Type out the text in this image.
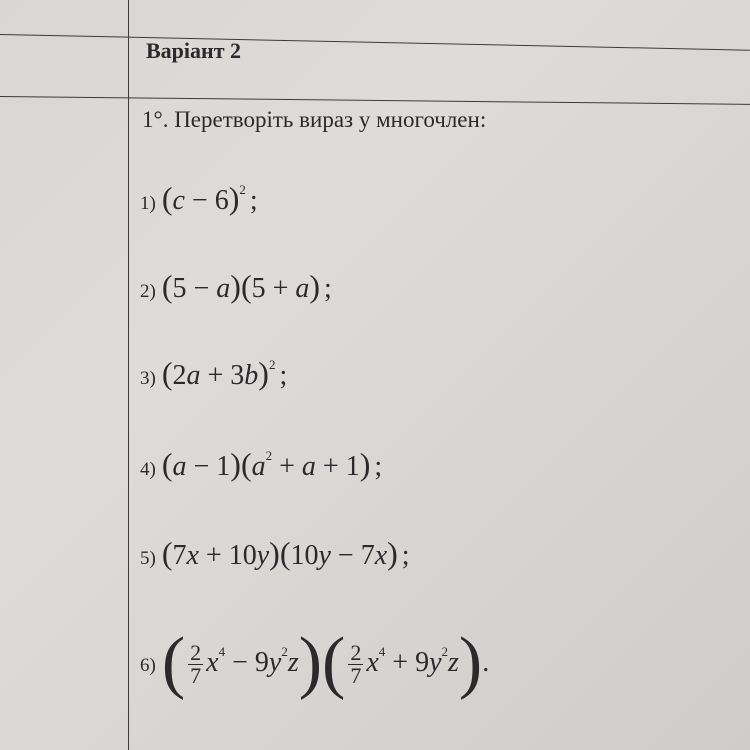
Варіант 2
1°. Перетворіть вираз у многочлен:
1) $(c - 6)^2$ ;
2) (5 − a)(5 + a) ;
3) $(2a + 3b)^2$ ;
4) $(a - 1)(a^2 + a + 1)$ ;
5) (7x + 10y)(10y − 7x) ;
$6)( \frac{2}{7} x^4 - 9y^2z)( \frac{2}{7} x^4 + 9y^2z)$.
